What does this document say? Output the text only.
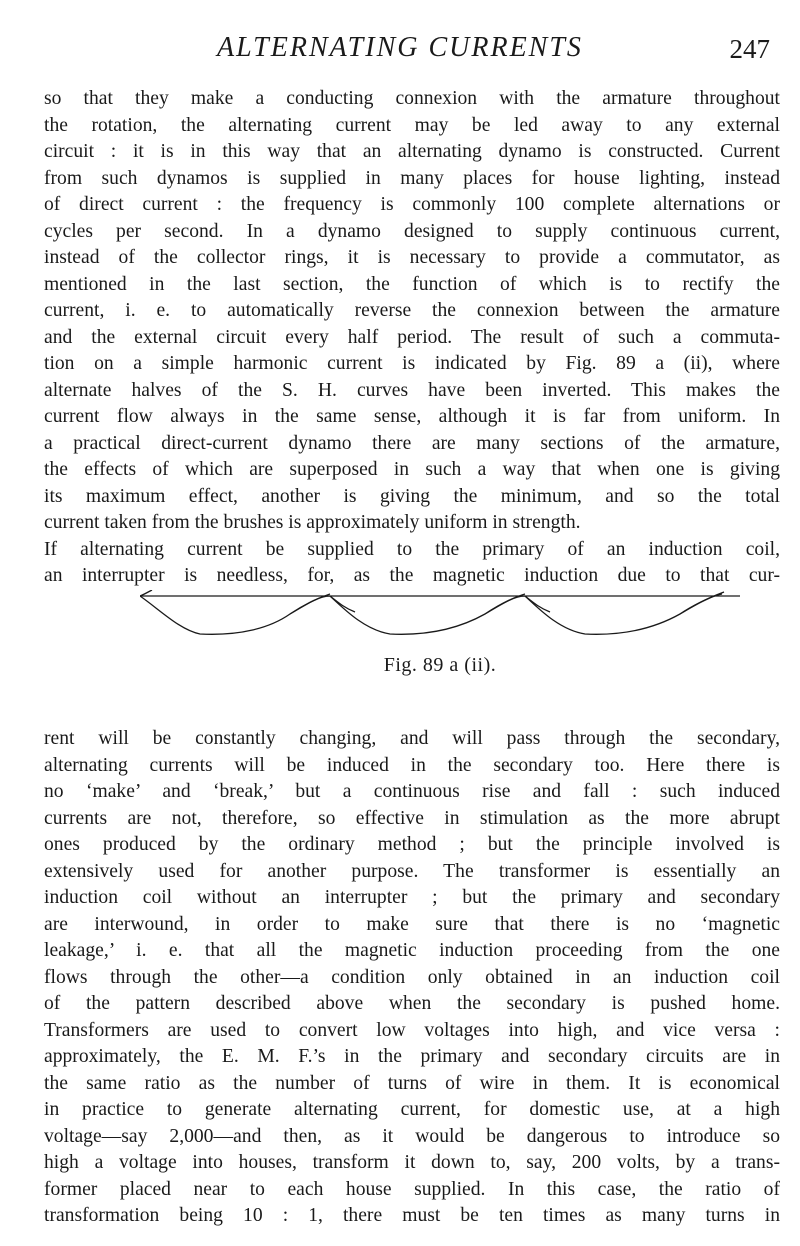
ALTERNATING CURRENTS	247
so that they make a conducting connexion with the armature throughout
the rotation, the alternating current may be led away to any external
circuit : it is in this way that an alternating dynamo is constructed. Current
from such dynamos is supplied in many places for house lighting, instead
of direct current : the frequency is commonly 100 complete alternations or
cycles per second. In a dynamo designed to supply continuous current,
instead of the collector rings, it is necessary to provide a commutator, as
mentioned in the last section, the function of which is to rectify the
current, i. e. to automatically reverse the connexion between the armature
and the external circuit every half period. The result of such a commuta-
tion on a simple harmonic current is indicated by Fig. 89 a (ii), where
alternate halves of the S. H. curves have been inverted. This makes the
current flow always in the same sense, although it is far from uniform. In
a practical direct-current dynamo there are many sections of the armature,
the effects of which are superposed in such a way that when one is giving
its maximum effect, another is giving the minimum, and so the total
current taken from the brushes is approximately uniform in strength.
If alternating current be supplied to the primary of an induction coil,
an interrupter is needless, for, as the magnetic induction due to that cur-
Fig. 89 a (ii).
rent will be constantly changing, and will pass through the secondary,
alternating currents will be induced in the secondary too. Here there is
no ‘make’ and ‘break,’ but a continuous rise and fall : such induced
currents are not, therefore, so effective in stimulation as the more abrupt
ones produced by the ordinary method ; but the principle involved is
extensively used for another purpose. The transformer is essentially an
induction coil without an interrupter ; but the primary and secondary
are interwound, in order to make sure that there is no ‘magnetic
leakage,’ i. e. that all the magnetic induction proceeding from the one
flows through the other—a condition only obtained in an induction coil
of the pattern described above when the secondary is pushed home.
Transformers are used to convert low voltages into high, and vice versa :
approximately, the E. M. F.’s in the primary and secondary circuits are in
the same ratio as the number of turns of wire in them. It is economical
in practice to generate alternating current, for domestic use, at a high
voltage—say 2,000—and then, as it would be dangerous to introduce so
high a voltage into houses, transform it down to, say, 200 volts, by a trans-
former placed near to each house supplied. In this case, the ratio of
transformation being 10 : 1, there must be ten times as many turns in
